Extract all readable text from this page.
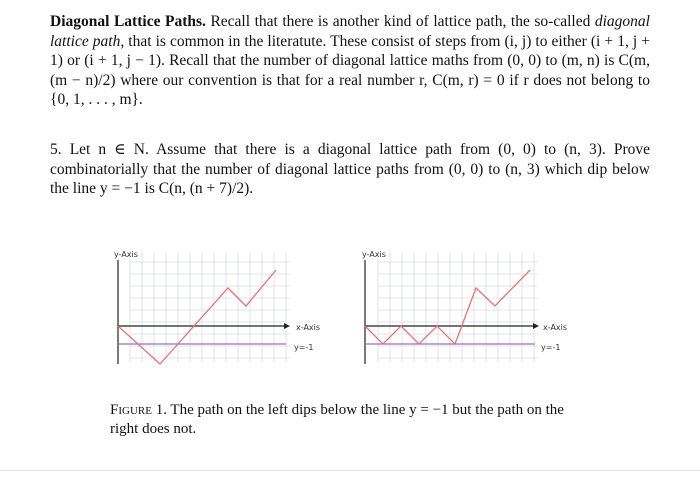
Diagonal Lattice Paths. Recall that there is another kind of lattice path, the so-called diagonal lattice path, that is common in the literatute. These consist of steps from (i, j) to either (i + 1, j + 1) or (i + 1, j − 1). Recall that the number of diagonal lattice maths from (0, 0) to (m, n) is C(m, (m − n)/2) where our convention is that for a real number r, C(m, r) = 0 if r does not belong to {0, 1, . . . , m}.
5. Let n ∈ N. Assume that there is a diagonal lattice path from (0, 0) to (n, 3). Prove combinatorially that the number of diagonal lattice paths from (0, 0) to (n, 3) which dip below the line y = −1 is C(n, (n + 7)/2).
y-Axis
x-Axis
y=-1
y-Axis
x-Axis
y=-1
Figure 1. The path on the left dips below the line y = −1 but the path on the right does not.
